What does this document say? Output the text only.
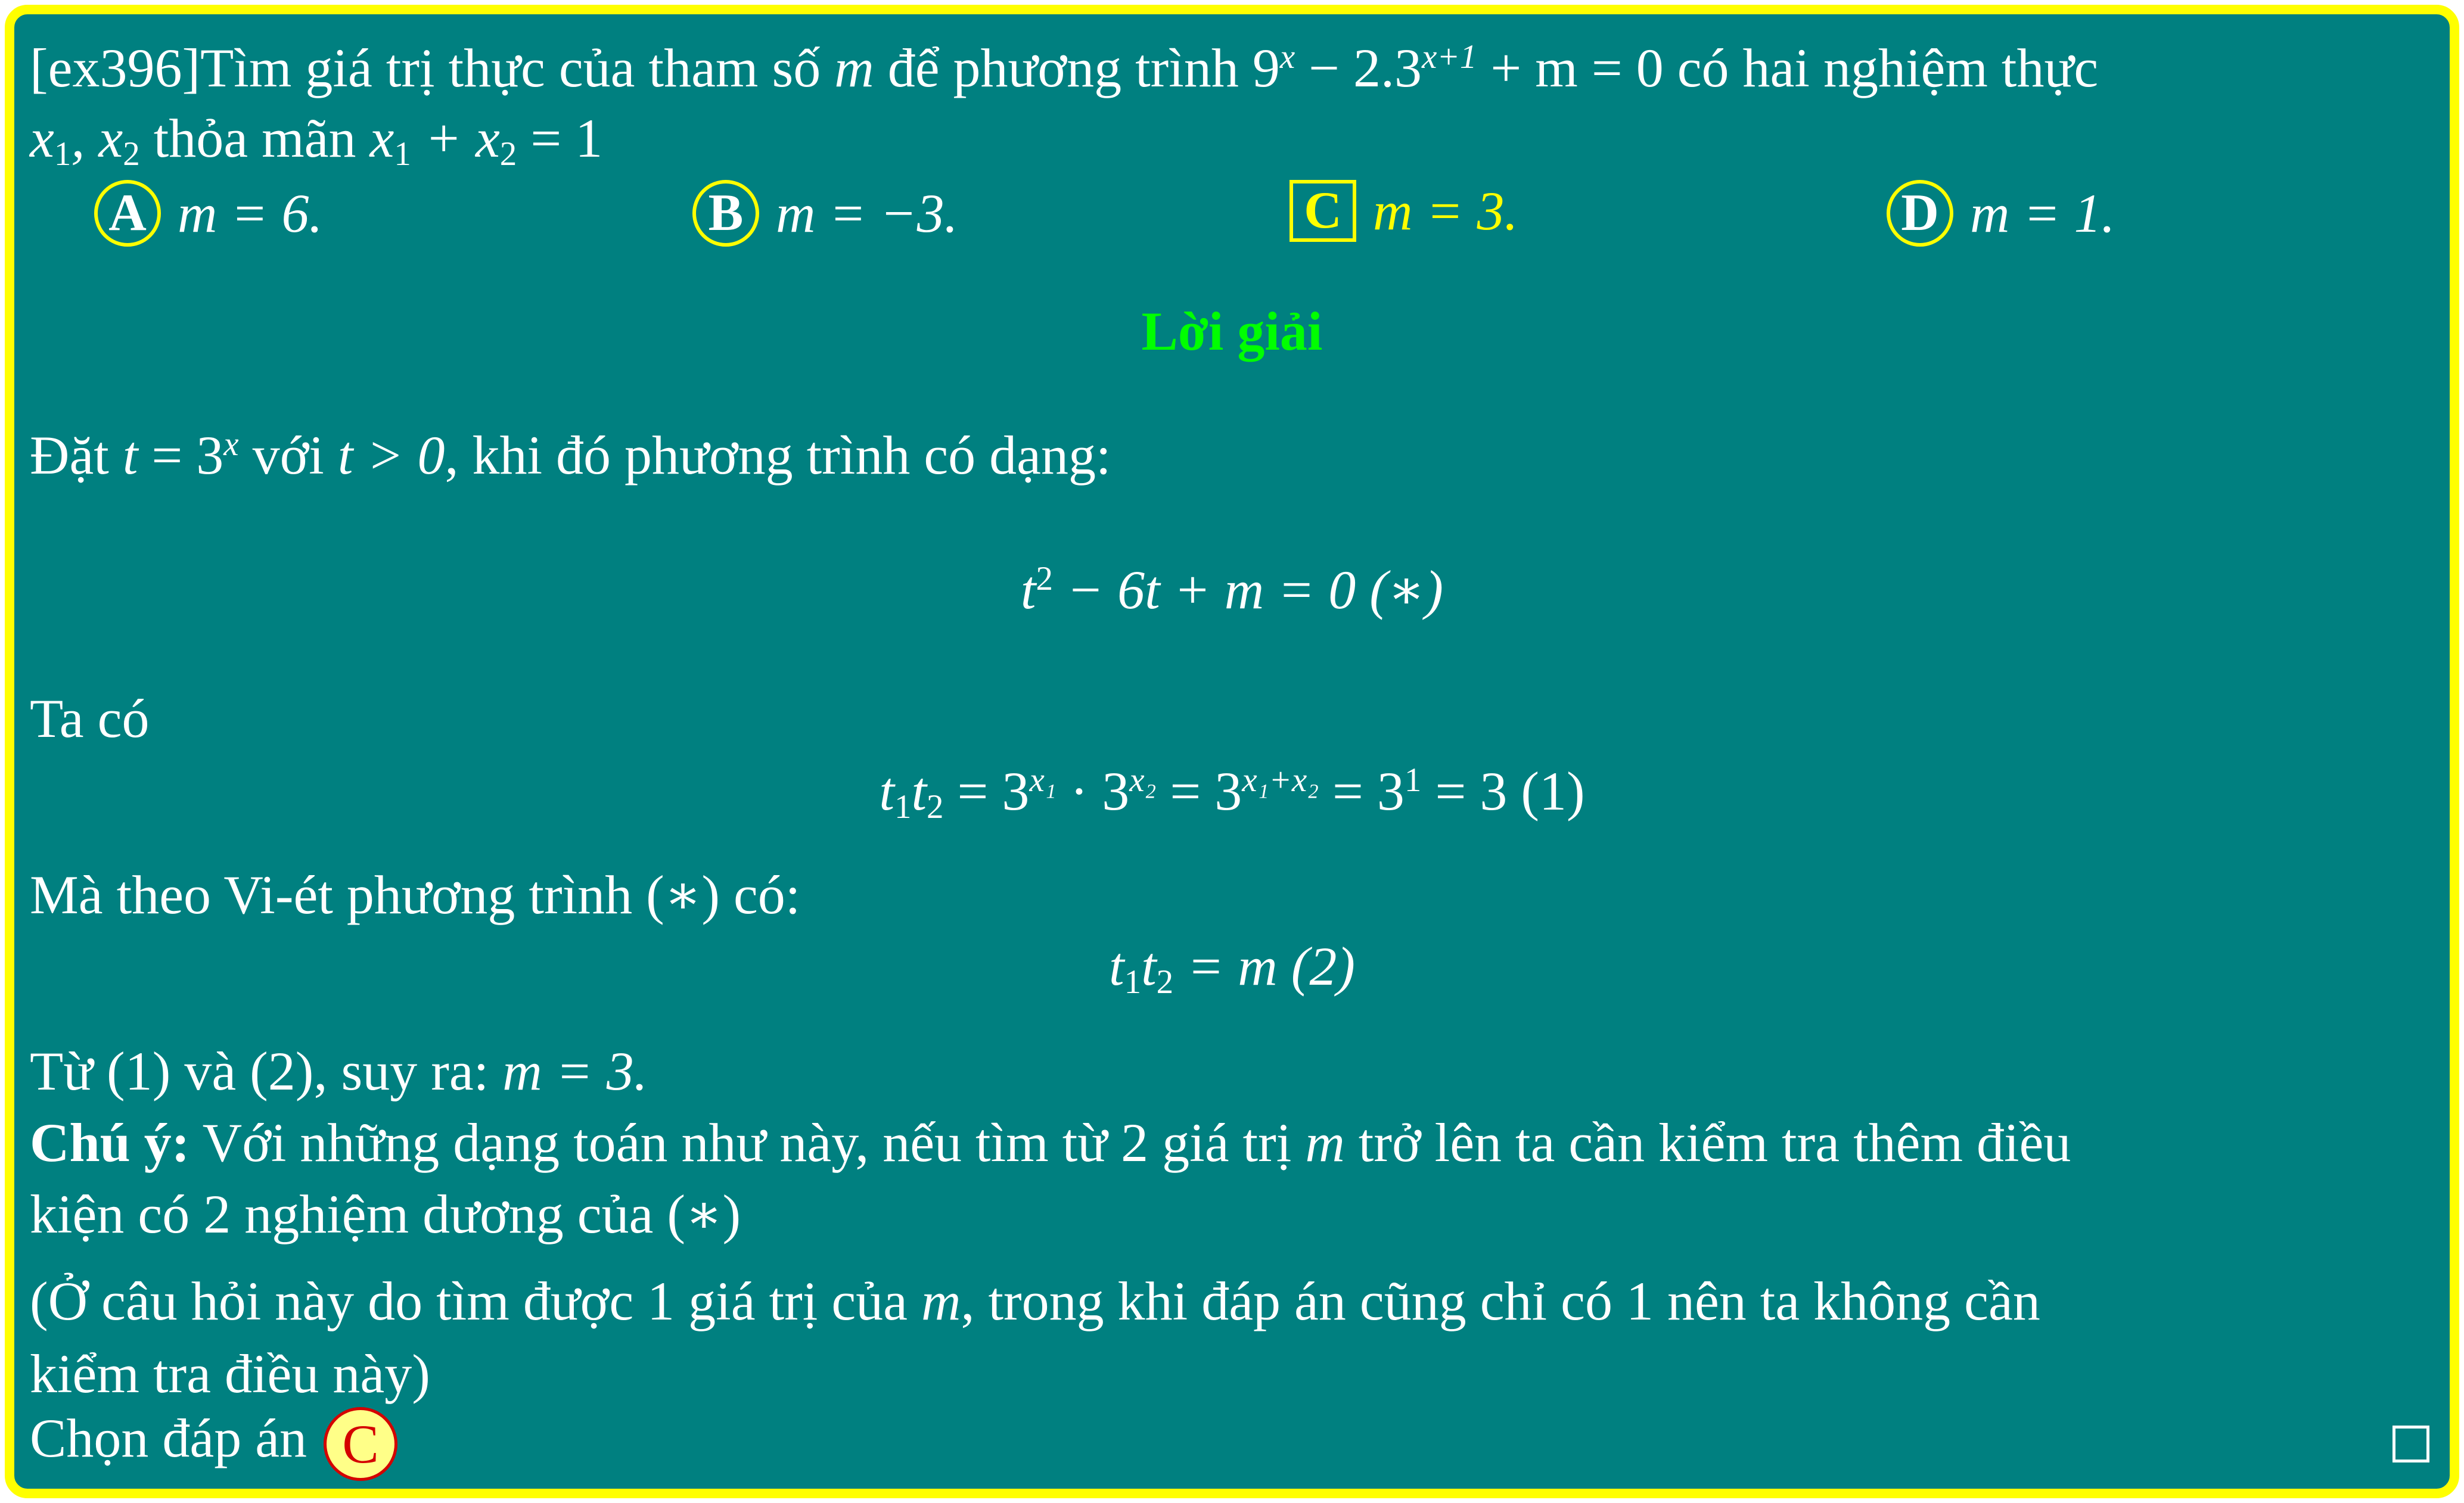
[ex396]Tìm giá trị thực của tham số m để phương trình $9^x - 2.3^{x+1} + m = 0$ có hai nghiệm thực
$x_1$, $x_2$ thỏa mãn $x_1 + x_2 = 1$
A m = 6.	B m = −3.	C m = 3.	D m = 1.
Lời giải
Đặt $t = 3^x$ với t > 0, khi đó phương trình có dạng:
$t^2 - 6t + m = 0$ (∗)
Ta có
$t_1t_2 = 3^{x_1} \cdot 3^{x_2} = 3^{x_1+x_2} = 3^1 = 3$ (1)
Mà theo Vi-ét phương trình (∗) có:
$t_1t_2 = m$ (2)
Từ (1) và (2), suy ra: m = 3.
Chú ý: Với những dạng toán như này, nếu tìm từ 2 giá trị m trở lên ta cần kiểm tra thêm điều
kiện có 2 nghiệm dương của (∗)
(Ở câu hỏi này do tìm được 1 giá trị của m, trong khi đáp án cũng chỉ có 1 nên ta không cần
kiểm tra điều này)
Chọn đáp án C
